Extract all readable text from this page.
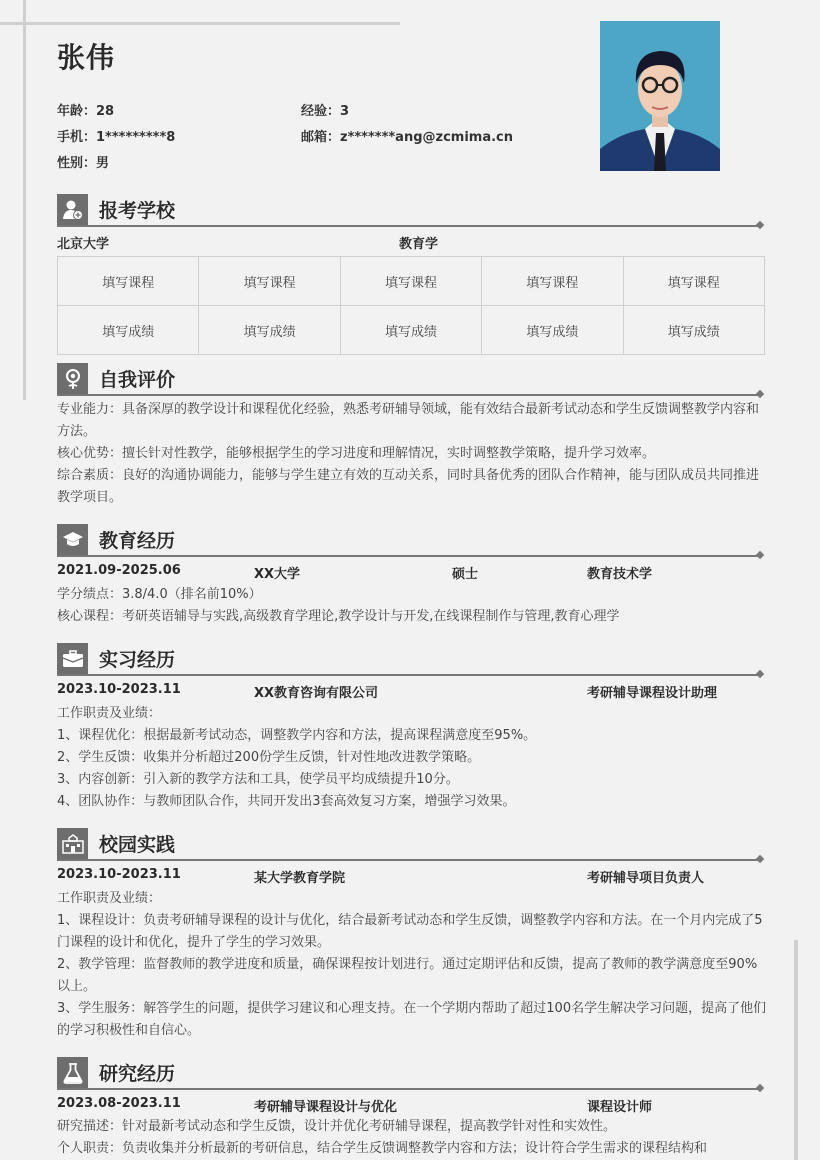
张伟
年龄：28	经验：3
手机：1*********8	邮箱：z*******ang@zcmima.cn
性别：男
报考学校
北京大学	教育学
填写课程	填写课程	填写课程	填写课程	填写课程
填写成绩	填写成绩	填写成绩	填写成绩	填写成绩
自我评价
专业能力：具备深厚的教学设计和课程优化经验，熟悉考研辅导领域，能有效结合最新考试动态和学生反馈调整教学内容和方法。
核心优势：擅长针对性教学，能够根据学生的学习进度和理解情况，实时调整教学策略，提升学习效率。
综合素质：良好的沟通协调能力，能够与学生建立有效的互动关系，同时具备优秀的团队合作精神，能与团队成员共同推进教学项目。
教育经历
2021.09-2025.06	XX大学	硕士	教育技术学
学分绩点：3.8/4.0（排名前10%）
核心课程：考研英语辅导与实践,高级教育学理论,教学设计与开发,在线课程制作与管理,教育心理学
实习经历
2023.10-2023.11	XX教育咨询有限公司	考研辅导课程设计助理
工作职责及业绩：
1、课程优化：根据最新考试动态，调整教学内容和方法，提高课程满意度至95%。
2、学生反馈：收集并分析超过200份学生反馈，针对性地改进教学策略。
3、内容创新：引入新的教学方法和工具，使学员平均成绩提升10分。
4、团队协作：与教师团队合作，共同开发出3套高效复习方案，增强学习效果。
校园实践
2023.10-2023.11	某大学教育学院	考研辅导项目负责人
工作职责及业绩：
1、课程设计：负责考研辅导课程的设计与优化，结合最新考试动态和学生反馈，调整教学内容和方法。在一个月内完成了5门课程的设计和优化，提升了学生的学习效果。
2、教学管理：监督教师的教学进度和质量，确保课程按计划进行。通过定期评估和反馈，提高了教师的教学满意度至90%以上。
3、学生服务：解答学生的问题，提供学习建议和心理支持。在一个学期内帮助了超过100名学生解决学习问题，提高了他们的学习积极性和自信心。
研究经历
2023.08-2023.11	考研辅导课程设计与优化	课程设计师
研究描述：针对最新考试动态和学生反馈，设计并优化考研辅导课程，提高教学针对性和实效性。
个人职责：负责收集并分析最新的考研信息，结合学生反馈调整教学内容和方法；设计符合学生需求的课程结构和
